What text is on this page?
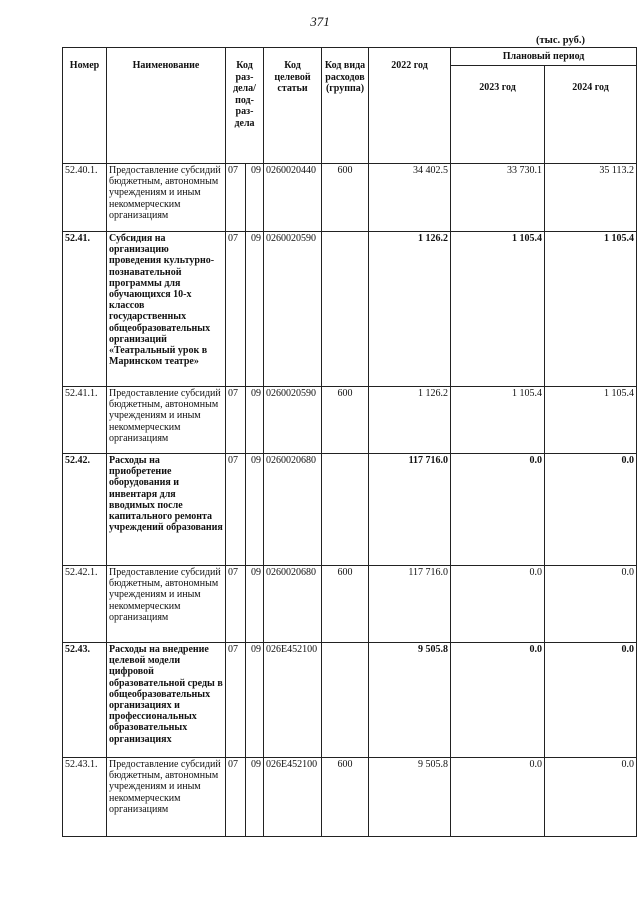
371
(тыс. руб.)
Номер	Наименование	Код раз-дела/ под-раз-дела		Код целевой статьи	Код вида расходов (группа)	2022 год	Плановый период	
							2023 год	2024 год
52.40.1.	Предоставление субсидий бюджетным, автономным учреждениям и иным некоммерческим организациям	07	09	0260020440	600	34 402.5	33 730.1	35 113.2
52.41.	Субсидия на организацию проведения культурно-познавательной программы для обучающихся 10-х классов государственных общеобразовательных организаций «Театральный урок в Маринском театре»	07	09	0260020590		1 126.2	1 105.4	1 105.4
52.41.1.	Предоставление субсидий бюджетным, автономным учреждениям и иным некоммерческим организациям	07	09	0260020590	600	1 126.2	1 105.4	1 105.4
52.42.	Расходы на приобретение оборудования и инвентаря для вводимых после капитального ремонта учреждений образования	07	09	0260020680		117 716.0	0.0	0.0
52.42.1.	Предоставление субсидий бюджетным, автономным учреждениям и иным некоммерческим организациям	07	09	0260020680	600	117 716.0	0.0	0.0
52.43.	Расходы на внедрение целевой модели цифровой образовательной среды в общеобразовательных организациях и профессиональных образовательных организациях	07	09	026E452100		9 505.8	0.0	0.0
52.43.1.	Предоставление субсидий бюджетным, автономным учреждениям и иным некоммерческим организациям	07	09	026E452100	600	9 505.8	0.0	0.0
